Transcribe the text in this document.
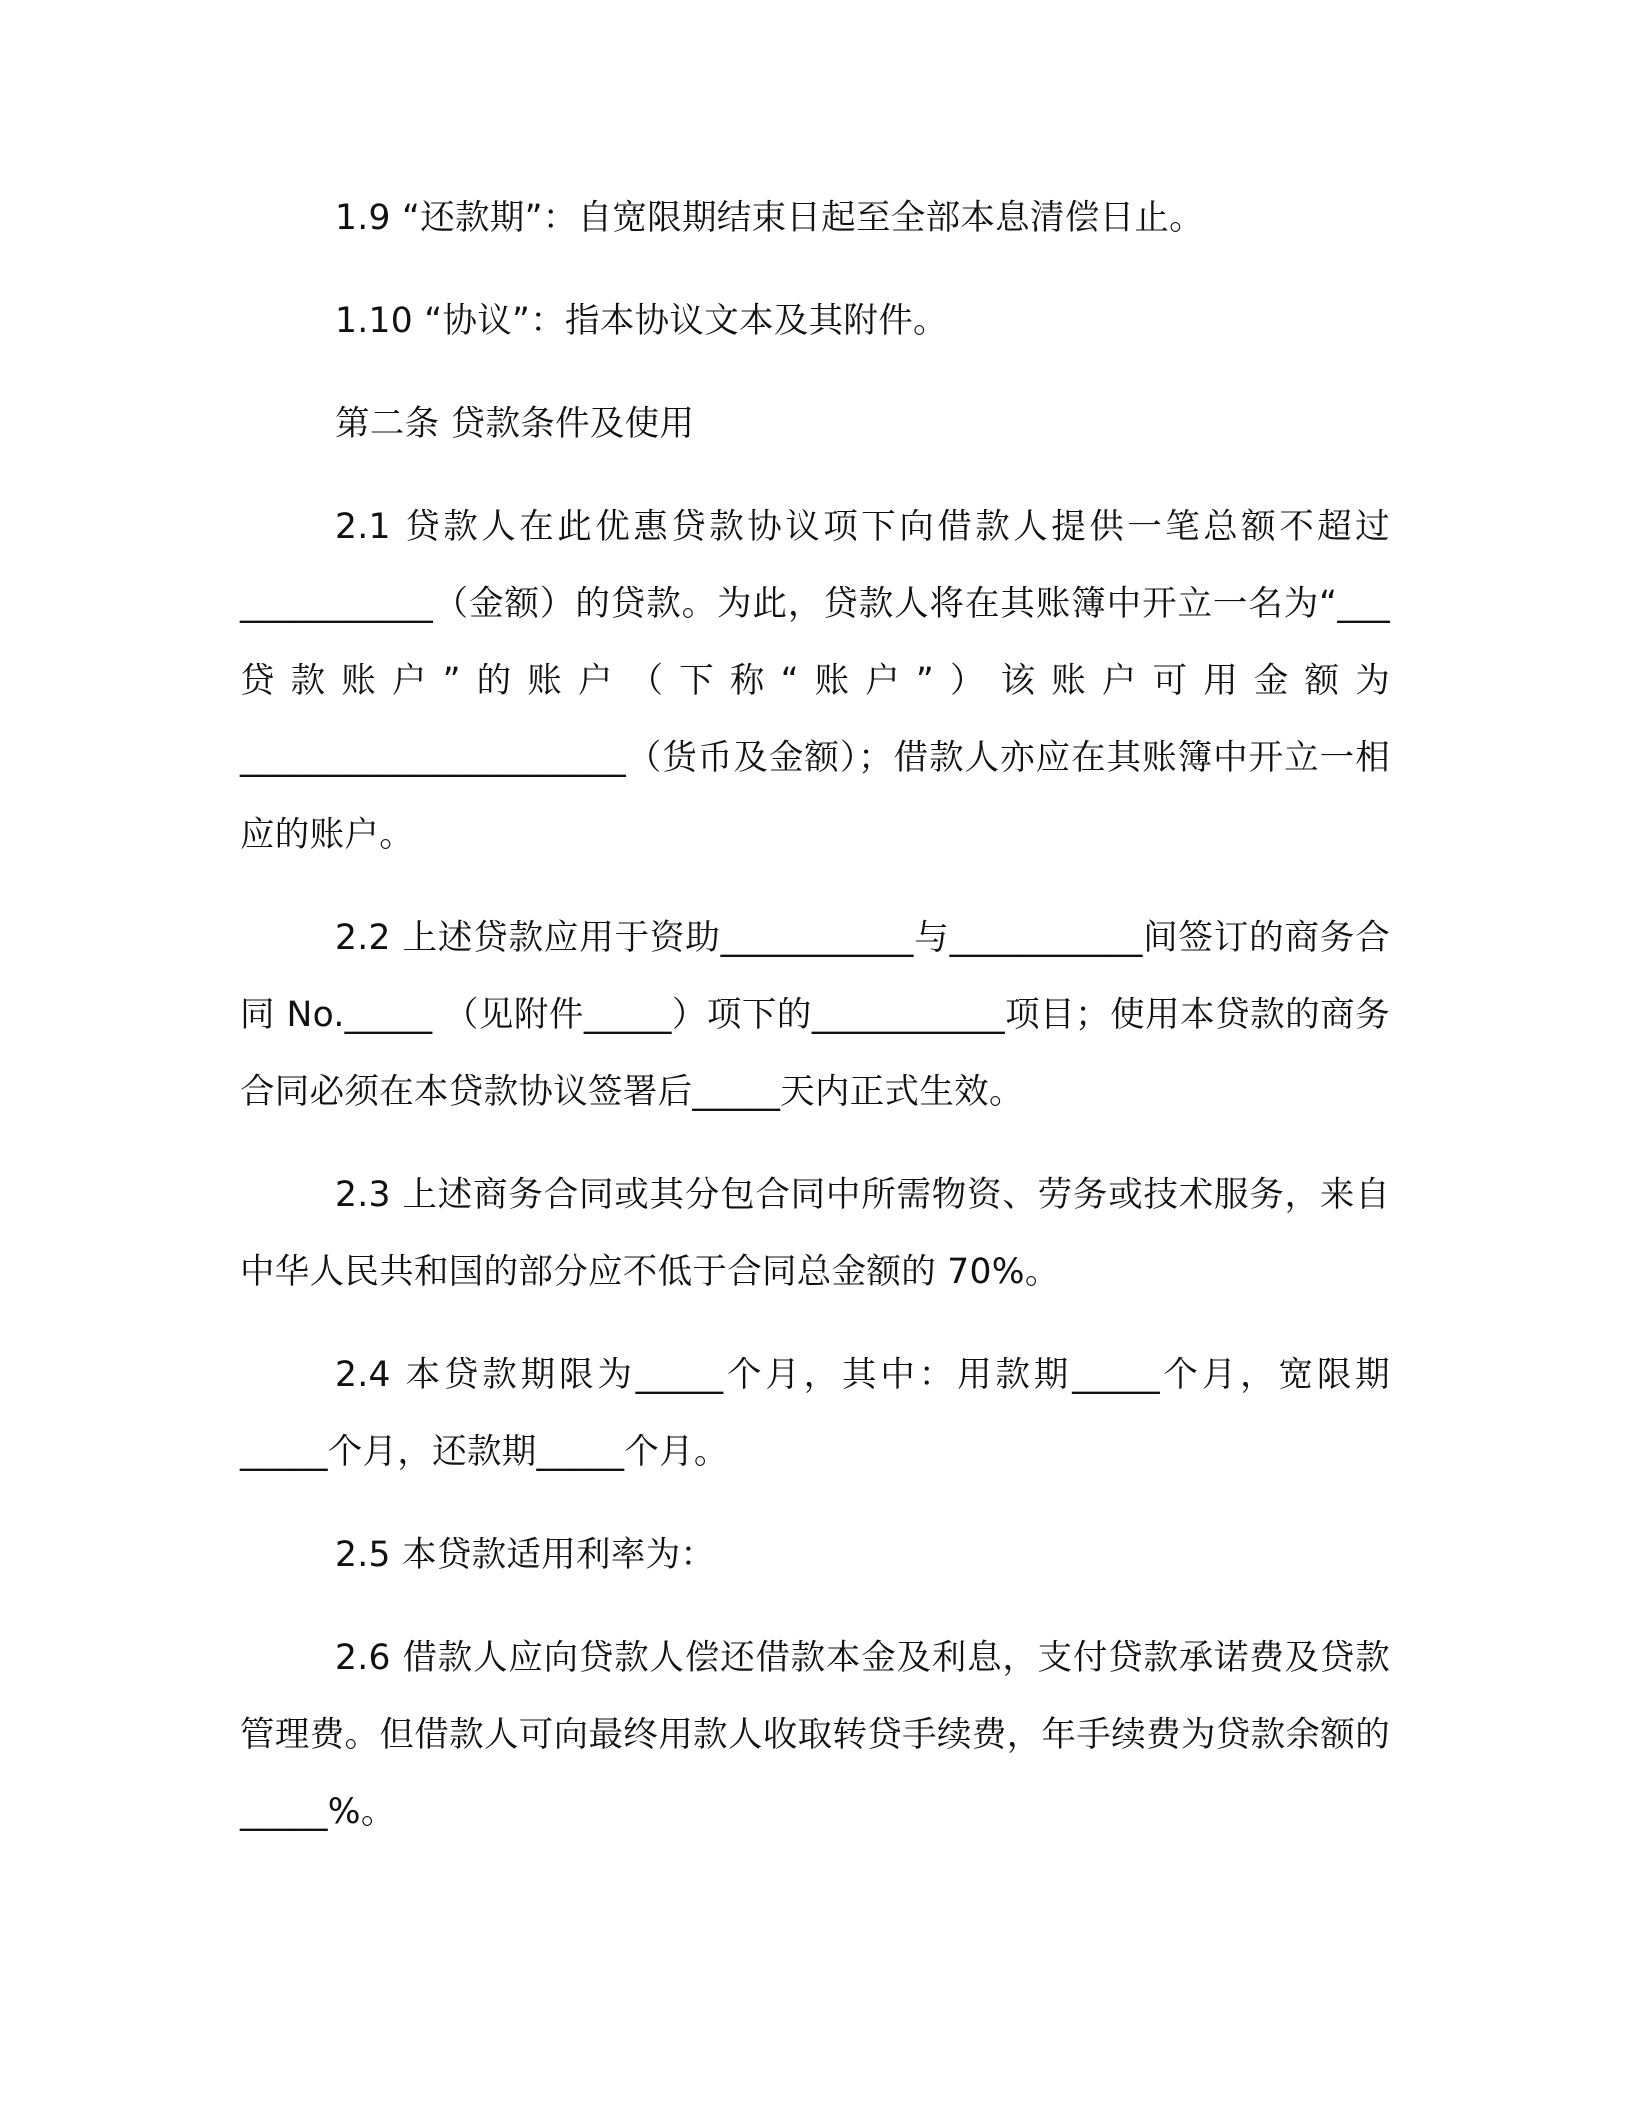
1.9 “还款期”：自宽限期结束日起至全部本息清偿日止。

1.10 “协议”：指本协议文本及其附件。

第二条 贷款条件及使用

2.1 贷款人在此优惠贷款协议项下向借款人提供一笔总额不超过___________（金额）的贷款。为此，贷款人将在其账簿中开立一名为“___贷款账户”的账户（下称“账户”）该账户可用金额为______________________（货币及金额）；借款人亦应在其账簿中开立一相应的账户。

2.2 上述贷款应用于资助___________与___________间签订的商务合同 No._____ （见附件_____）项下的___________项目；使用本贷款的商务合同必须在本贷款协议签署后_____天内正式生效。

2.3 上述商务合同或其分包合同中所需物资、劳务或技术服务，来自中华人民共和国的部分应不低于合同总金额的 70%。

2.4 本贷款期限为_____个月，其中：用款期_____个月，宽限期_____个月，还款期_____个月。

2.5 本贷款适用利率为：

2.6 借款人应向贷款人偿还借款本金及利息，支付贷款承诺费及贷款管理费。但借款人可向最终用款人收取转贷手续费，年手续费为贷款余额的_____%。
